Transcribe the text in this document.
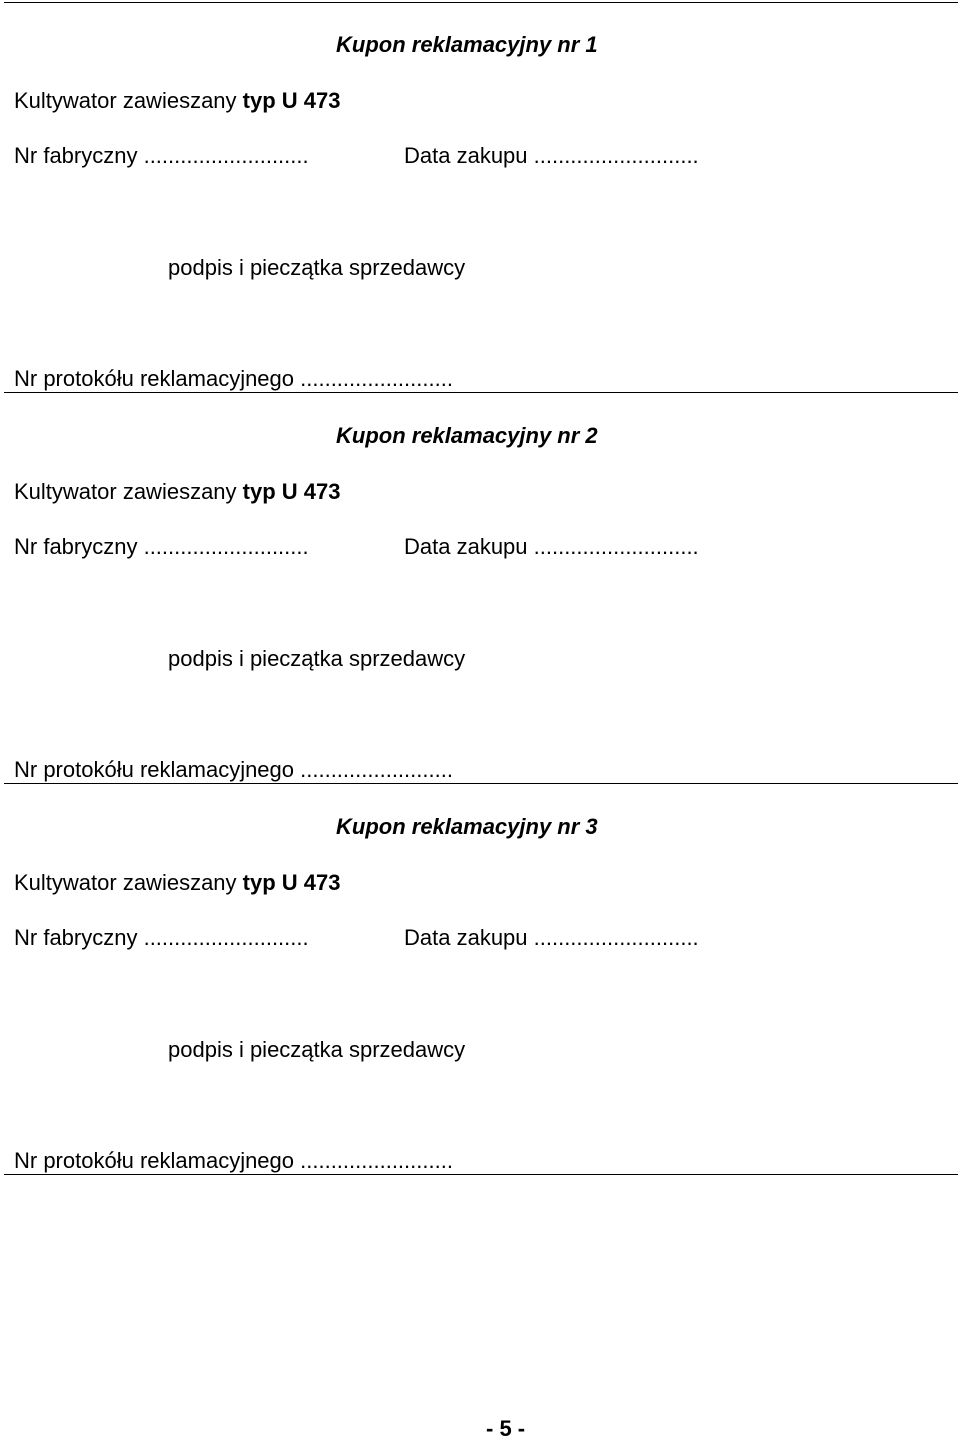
Kupon reklamacyjny nr 1
Kultywator zawieszany typ U 473
Nr fabryczny ...........................	Data zakupu ...........................
podpis i pieczątka sprzedawcy
Nr protokółu reklamacyjnego .........................
Kupon reklamacyjny nr 2
Kultywator zawieszany typ U 473
Nr fabryczny ...........................	Data zakupu ...........................
podpis i pieczątka sprzedawcy
Nr protokółu reklamacyjnego .........................
Kupon reklamacyjny nr 3
Kultywator zawieszany typ U 473
Nr fabryczny ...........................	Data zakupu ...........................
podpis i pieczątka sprzedawcy
Nr protokółu reklamacyjnego .........................
- 5 -
